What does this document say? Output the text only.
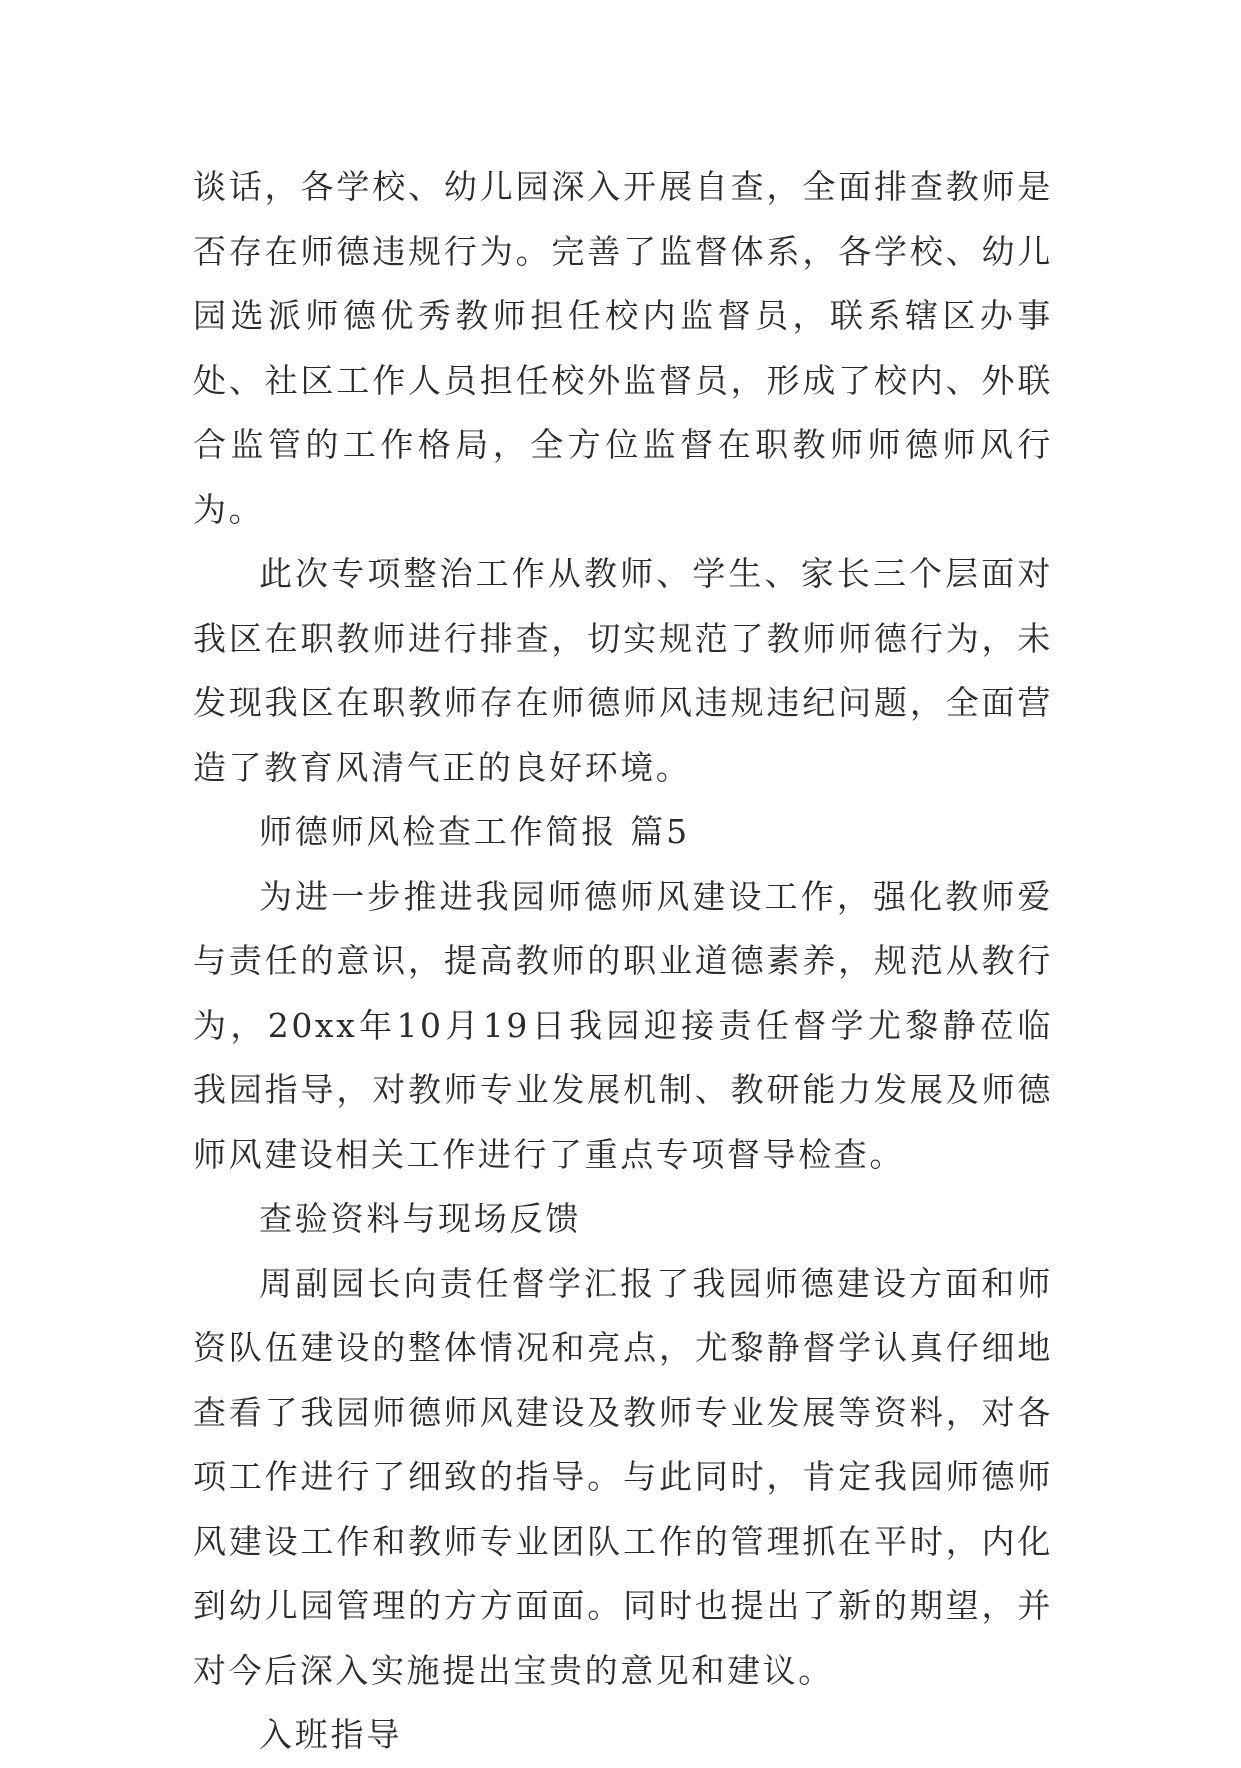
谈话，各学校、幼儿园深入开展自查，全面排查教师是否存在师德违规行为。完善了监督体系，各学校、幼儿园选派师德优秀教师担任校内监督员，联系辖区办事处、社区工作人员担任校外监督员，形成了校内、外联合监管的工作格局，全方位监督在职教师师德师风行为。

此次专项整治工作从教师、学生、家长三个层面对我区在职教师进行排查，切实规范了教师师德行为，未发现我区在职教师存在师德师风违规违纪问题，全面营造了教育风清气正的良好环境。

师德师风检查工作简报 篇5

为进一步推进我园师德师风建设工作，强化教师爱与责任的意识，提高教师的职业道德素养，规范从教行为，20xx年10月19日我园迎接责任督学尤黎静莅临我园指导，对教师专业发展机制、教研能力发展及师德师风建设相关工作进行了重点专项督导检查。

查验资料与现场反馈

周副园长向责任督学汇报了我园师德建设方面和师资队伍建设的整体情况和亮点，尤黎静督学认真仔细地查看了我园师德师风建设及教师专业发展等资料，对各项工作进行了细致的指导。与此同时，肯定我园师德师风建设工作和教师专业团队工作的管理抓在平时，内化到幼儿园管理的方方面面。同时也提出了新的期望，并对今后深入实施提出宝贵的意见和建议。

入班指导
